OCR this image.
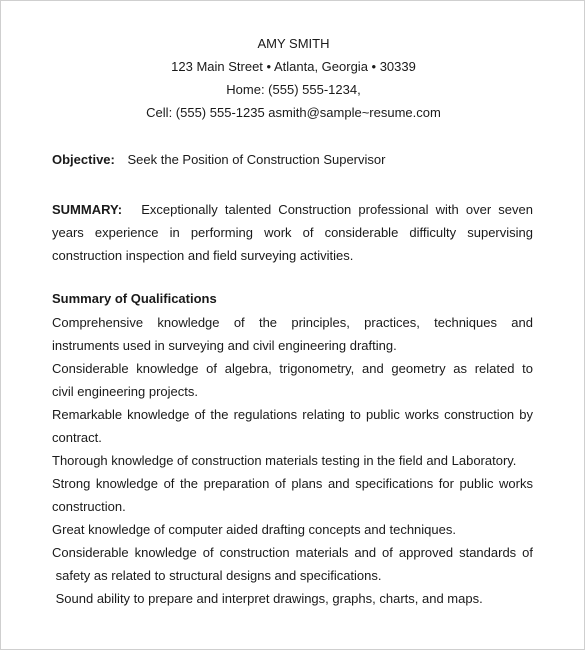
AMY SMITH
123 Main Street • Atlanta, Georgia • 30339
Home: (555) 555-1234,
Cell: (555) 555-1235 asmith@sample~resume.com
Objective: Seek the Position of Construction Supervisor
SUMMARY: Exceptionally talented Construction professional with over seven years experience in performing work of considerable difficulty supervising construction inspection and field surveying activities.
Summary of Qualifications
Comprehensive knowledge of the principles, practices, techniques and
instruments used in surveying and civil engineering drafting.
Considerable knowledge of algebra, trigonometry, and geometry as related to
civil engineering projects.
Remarkable knowledge of the regulations relating to public works construction by
contract.
Thorough knowledge of construction materials testing in the field and Laboratory.
Strong knowledge of the preparation of plans and specifications for public works
construction.
Great knowledge of computer aided drafting concepts and techniques.
Considerable knowledge of construction materials and of approved standards of
safety as related to structural designs and specifications.
Sound ability to prepare and interpret drawings, graphs, charts, and maps.
